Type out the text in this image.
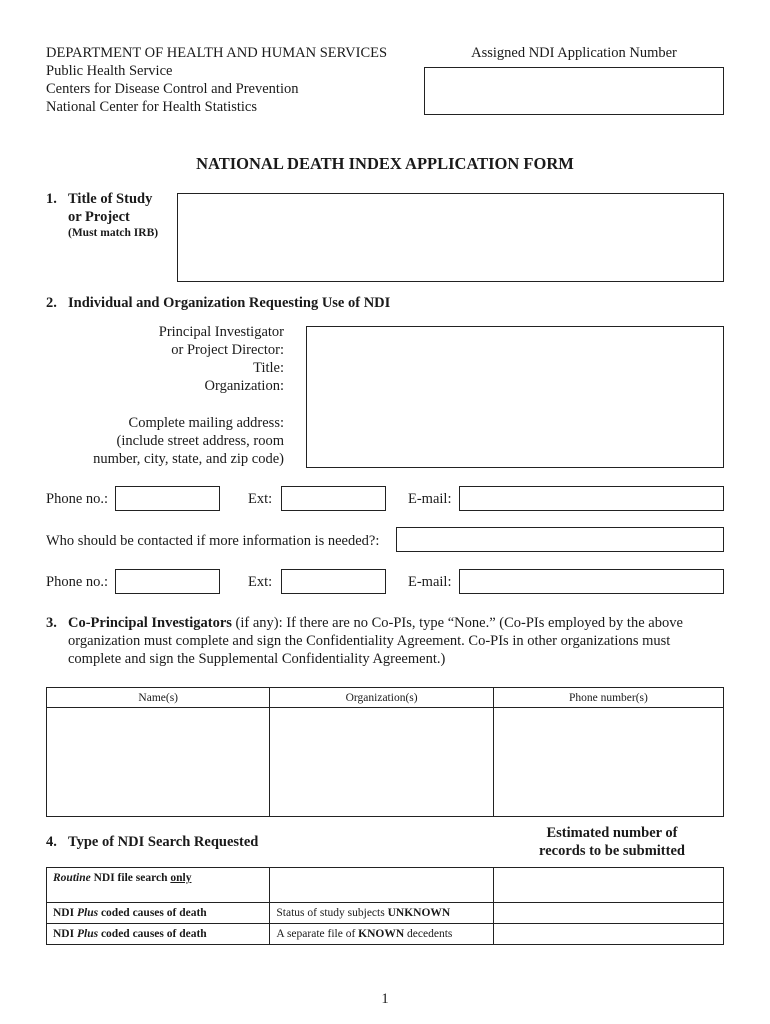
DEPARTMENT OF HEALTH AND HUMAN SERVICES
Public Health Service
Centers for Disease Control and Prevention
National Center for Health Statistics
Assigned NDI Application Number
NATIONAL DEATH INDEX APPLICATION FORM
1. Title of Study
or Project
(Must match IRB)
2. Individual and Organization Requesting Use of NDI
Principal Investigator
or Project Director:
Title:
Organization:
Complete mailing address:
(include street address, room
number, city, state, and zip code)
Phone no.:	Ext:	E-mail:
Who should be contacted if more information is needed?:
Phone no.:	Ext:	E-mail:
3. Co-Principal Investigators (if any): If there are no Co-PIs, type “None.” (Co-PIs employed by the above
organization must complete and sign the Confidentiality Agreement. Co-PIs in other organizations must
complete and sign the Supplemental Confidentiality Agreement.)
Name(s)	Organization(s)	Phone number(s)

4. Type of NDI Search Requested
Estimated number of
records to be submitted
Routine NDI file search only		
NDI Plus coded causes of death	Status of study subjects UNKNOWN	
NDI Plus coded causes of death	A separate file of KNOWN decedents	
1
